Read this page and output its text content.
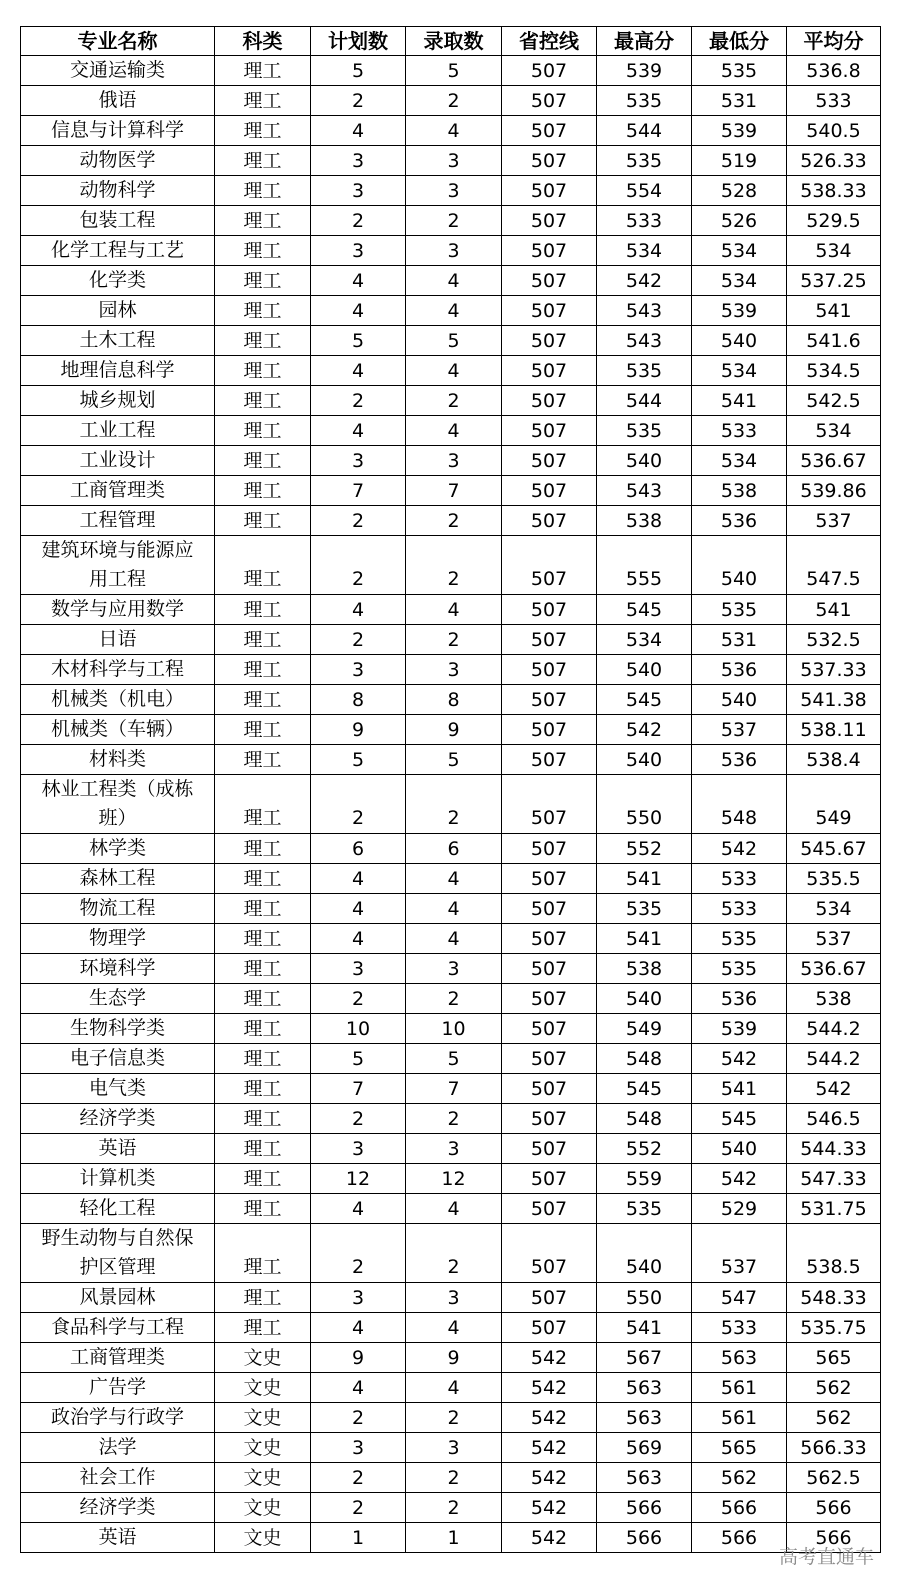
专业名称	科类	计划数	录取数	省控线	最高分	最低分	平均分
交通运输类	理工	5	5	507	539	535	536.8
俄语	理工	2	2	507	535	531	533
信息与计算科学	理工	4	4	507	544	539	540.5
动物医学	理工	3	3	507	535	519	526.33
动物科学	理工	3	3	507	554	528	538.33
包装工程	理工	2	2	507	533	526	529.5
化学工程与工艺	理工	3	3	507	534	534	534
化学类	理工	4	4	507	542	534	537.25
园林	理工	4	4	507	543	539	541
土木工程	理工	5	5	507	543	540	541.6
地理信息科学	理工	4	4	507	535	534	534.5
城乡规划	理工	2	2	507	544	541	542.5
工业工程	理工	4	4	507	535	533	534
工业设计	理工	3	3	507	540	534	536.67
工商管理类	理工	7	7	507	543	538	539.86
工程管理	理工	2	2	507	538	536	537

建筑环境与能源应
用工程	理工	2	2	507	555	540	547.5
数学与应用数学	理工	4	4	507	545	535	541
日语	理工	2	2	507	534	531	532.5
木材科学与工程	理工	3	3	507	540	536	537.33
机械类（机电）	理工	8	8	507	545	540	541.38
机械类（车辆）	理工	9	9	507	542	537	538.11
材料类	理工	5	5	507	540	536	538.4

林业工程类（成栋
班）	理工	2	2	507	550	548	549
林学类	理工	6	6	507	552	542	545.67
森林工程	理工	4	4	507	541	533	535.5
物流工程	理工	4	4	507	535	533	534
物理学	理工	4	4	507	541	535	537
环境科学	理工	3	3	507	538	535	536.67
生态学	理工	2	2	507	540	536	538
生物科学类	理工	10	10	507	549	539	544.2
电子信息类	理工	5	5	507	548	542	544.2
电气类	理工	7	7	507	545	541	542
经济学类	理工	2	2	507	548	545	546.5
英语	理工	3	3	507	552	540	544.33
计算机类	理工	12	12	507	559	542	547.33
轻化工程	理工	4	4	507	535	529	531.75

野生动物与自然保
护区管理	理工	2	2	507	540	537	538.5
风景园林	理工	3	3	507	550	547	548.33
食品科学与工程	理工	4	4	507	541	533	535.75
工商管理类	文史	9	9	542	567	563	565
广告学	文史	4	4	542	563	561	562
政治学与行政学	文史	2	2	542	563	561	562
法学	文史	3	3	542	569	565	566.33
社会工作	文史	2	2	542	563	562	562.5
经济学类	文史	2	2	542	566	566	566
英语	文史	1	1	542	566	566	566
高考直通车
